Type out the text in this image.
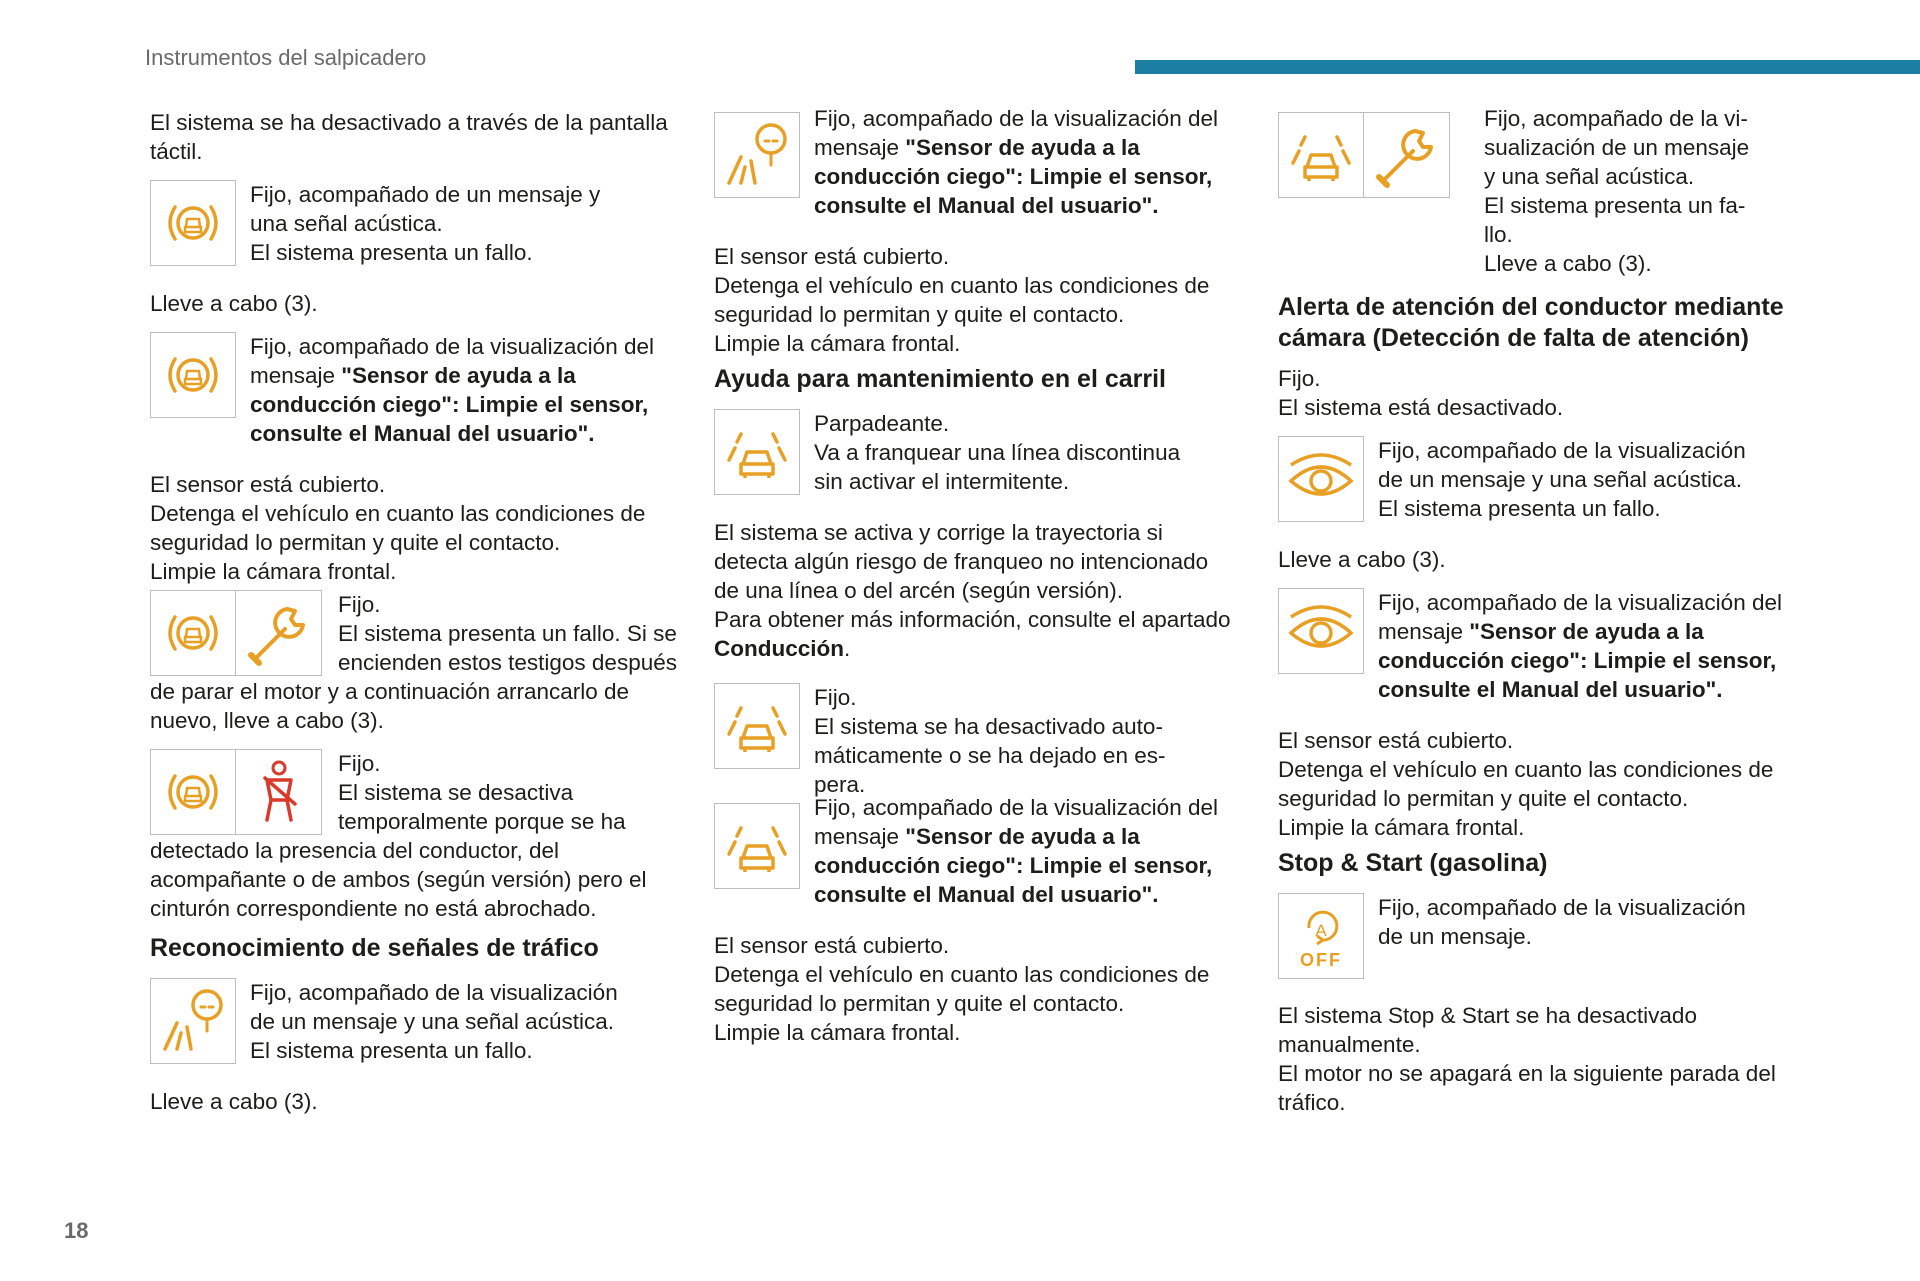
Instrumentos del salpicadero

El sistema se ha desactivado a través de la pantalla táctil.

Fijo, acompañado de un mensaje y

una señal acústica.

El sistema presenta un fallo.

Lleve a cabo (3).

Fijo, acompañado de la visualización del mensaje "Sensor de ayuda a la conducción ciego": Limpie el sensor, consulte el Manual del usuario".

El sensor está cubierto.

Detenga el vehículo en cuanto las condiciones de seguridad lo permitan y quite el contacto.

Limpie la cámara frontal.

Fijo.

El sistema presenta un fallo. Si se encienden estos testigos después de parar el motor y a continuación arrancarlo de nuevo, lleve a cabo (3).

Fijo.

El sistema se desactiva temporalmente porque se ha detectado la presencia del conductor, del acompañante o de ambos (según versión) pero el cinturón correspondiente no está abrochado.
Reconocimiento de señales de tráfico

Fijo, acompañado de la visualización

de un mensaje y una señal acústica.

El sistema presenta un fallo.

Lleve a cabo (3).

Fijo, acompañado de la visualización del mensaje "Sensor de ayuda a la conducción ciego": Limpie el sensor, consulte el Manual del usuario".

El sensor está cubierto.

Detenga el vehículo en cuanto las condiciones de seguridad lo permitan y quite el contacto.

Limpie la cámara frontal.

Ayuda para mantenimiento en el carril

Parpadeante.

Va a franquear una línea discontinua

sin activar el intermitente.

El sistema se activa y corrige la trayectoria si detecta algún riesgo de franqueo no intencionado de una línea o del arcén (según versión).

Para obtener más información, consulte el apartado Conducción.

Fijo.

El sistema se ha desactivado auto-

máticamente o se ha dejado en es-

pera.

Fijo, acompañado de la visualización del mensaje "Sensor de ayuda a la conducción ciego": Limpie el sensor, consulte el Manual del usuario".

El sensor está cubierto.

Detenga el vehículo en cuanto las condiciones de seguridad lo permitan y quite el contacto.

Limpie la cámara frontal.

Fijo, acompañado de la vi-

sualización de un mensaje

y una señal acústica.

El sistema presenta un fa-

llo.

Lleve a cabo (3).

Alerta de atención del conductor mediante cámara (Detección de falta de atención)

Fijo.

El sistema está desactivado.

Fijo, acompañado de la visualización

de un mensaje y una señal acústica.

El sistema presenta un fallo.

Lleve a cabo (3).

Fijo, acompañado de la visualización del mensaje "Sensor de ayuda a la conducción ciego": Limpie el sensor, consulte el Manual del usuario".

El sensor está cubierto.

Detenga el vehículo en cuanto las condiciones de seguridad lo permitan y quite el contacto.

Limpie la cámara frontal.

Stop & Start (gasolina)
A
OFF

Fijo, acompañado de la visualización

de un mensaje.

El sistema Stop & Start se ha desactivado manualmente.

El motor no se apagará en la siguiente parada del tráfico.

18
